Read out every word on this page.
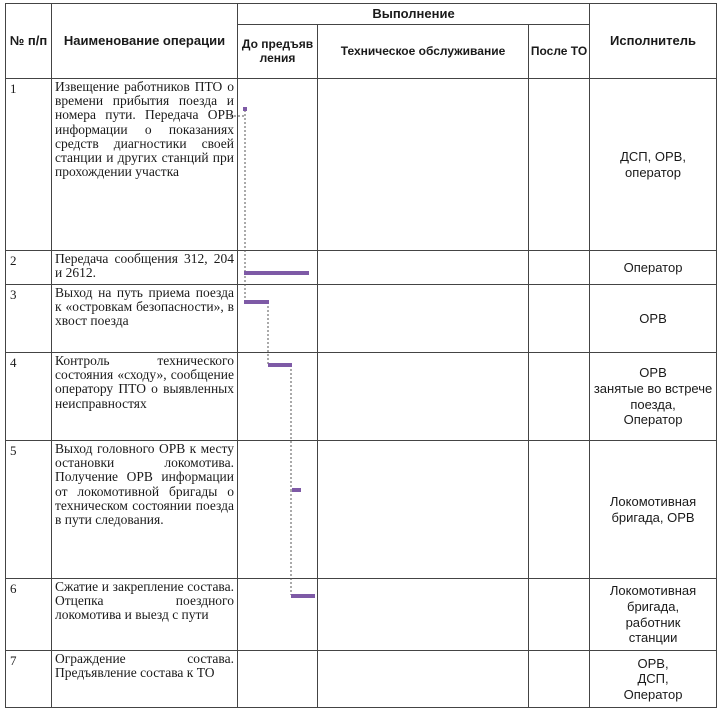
№ п/п	Наименование операции	Выполнение			Исполнитель
		До предъяв ления	Техническое обслуживание	После ТО	
1	Извещение работников ПТО о времени прибытия поезда и номера пути. Передача ОРВ информации о показаниях средств диагностики своей станции и других станций при прохождении участка				ДСП, ОРВ,
оператор

2	Передача сообщения 312, 204 и 2612.				Оператор

3	Выход на путь приема поезда к «островкам безопасности», в хвост поезда				ОРВ

4	Контроль технического состояния «сходу», сообщение оператору ПТО о выявленных неисправностях				ОРВ
занятые во встрече поезда,
Оператор

5	Выход головного ОРВ к месту остановки локомотива. Получение ОРВ информации от локомотивной бригады о техническом состоянии поезда в пути следования.				Локомотивная
бригада, ОРВ

6	Сжатие и закрепление состава. Отцепка поездного локомотива и выезд с пути				Локомотивная
бригада,
работник
станции

7	Ограждение состава. Предъявление состава к ТО				ОРВ,
ДСП,
Оператор
